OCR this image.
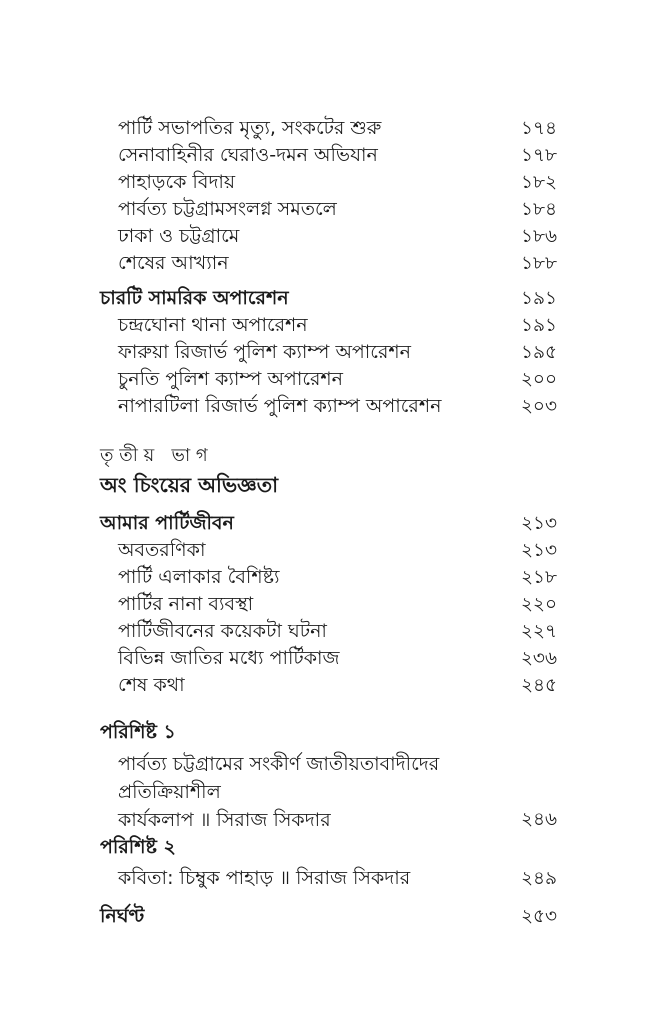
পার্টি সভাপতির মৃত্যু, সংকটের শুরু	১৭৪
সেনাবাহিনীর ঘেরাও-দমন অভিযান	১৭৮
পাহাড়কে বিদায়	১৮২
পার্বত্য চট্টগ্রামসংলগ্ন সমতলে	১৮৪
ঢাকা ও চট্টগ্রামে	১৮৬
শেষের আখ্যান	১৮৮
চারটি সামরিক অপারেশন	১৯১
চন্দ্রঘোনা থানা অপারেশন	১৯১
ফারুয়া রিজার্ভ পুলিশ ক্যাম্প অপারেশন	১৯৫
চুনতি পুলিশ ক্যাম্প অপারেশন	২০০
নাপারটিলা রিজার্ভ পুলিশ ক্যাম্প অপারেশন	২০৩
তৃতীয় ভাগ
অং চিংয়ের অভিজ্ঞতা
আমার পার্টিজীবন	২১৩
অবতরণিকা	২১৩
পার্টি এলাকার বৈশিষ্ট্য	২১৮
পার্টির নানা ব্যবস্থা	২২০
পার্টিজীবনের কয়েকটা ঘটনা	২২৭
বিভিন্ন জাতির মধ্যে পার্টিকাজ	২৩৬
শেষ কথা	২৪৫
পরিশিষ্ট ১
পার্বত্য চট্টগ্রামের সংকীর্ণ জাতীয়তাবাদীদের প্রতিক্রিয়াশীল
কার্যকলাপ ॥ সিরাজ সিকদার	২৪৬
পরিশিষ্ট ২
কবিতা: চিম্বুক পাহাড় ॥ সিরাজ সিকদার	২৪৯
নির্ঘণ্ট	২৫৩
